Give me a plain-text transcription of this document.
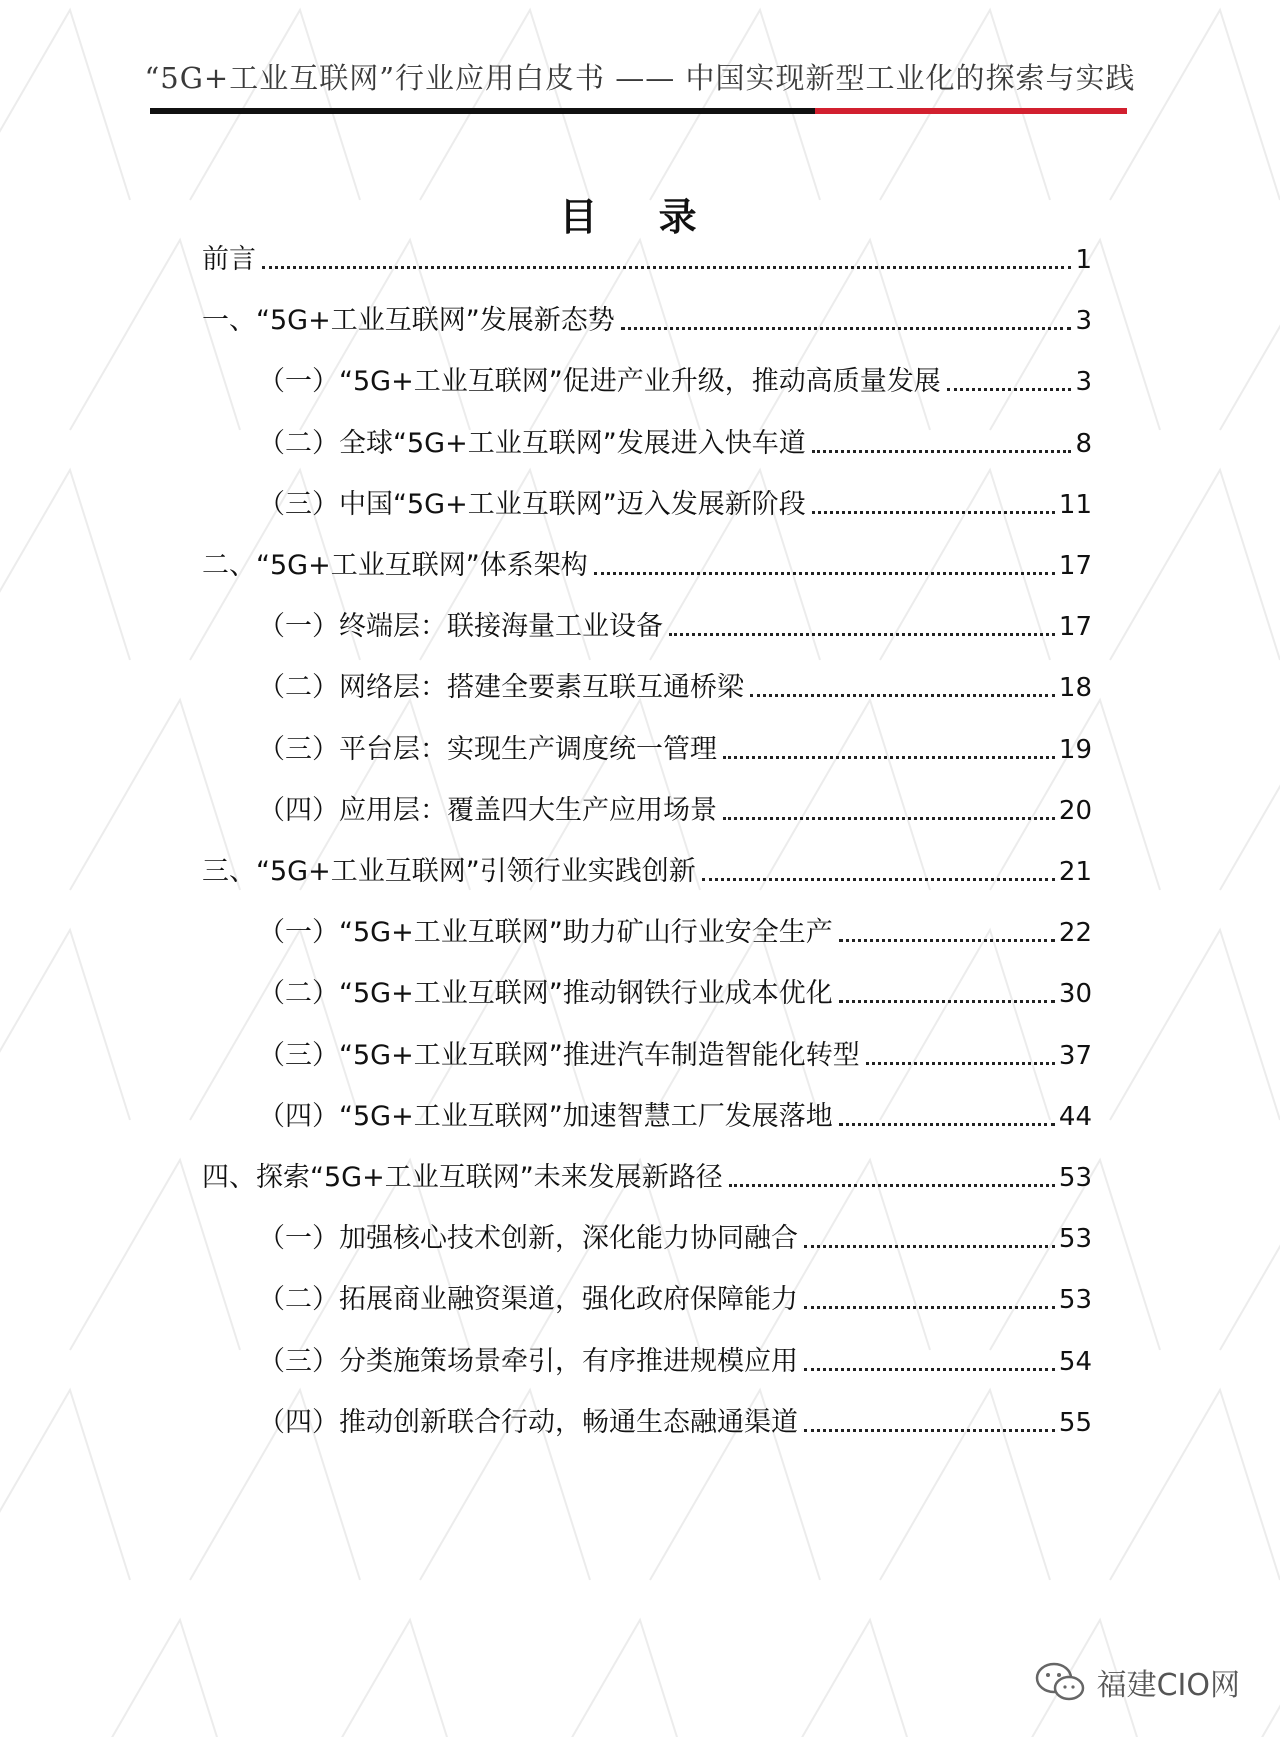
“5G+工业互联网”行业应用白皮书 —— 中国实现新型工业化的探索与实践
目 录
前言	1
一、“5G+工业互联网”发展新态势	3
（一）“5G+工业互联网”促进产业升级，推动高质量发展	3
（二）全球“5G+工业互联网”发展进入快车道	8
（三）中国“5G+工业互联网”迈入发展新阶段	11
二、“5G+工业互联网”体系架构	17
（一）终端层：联接海量工业设备	17
（二）网络层：搭建全要素互联互通桥梁	18
（三）平台层：实现生产调度统一管理	19
（四）应用层：覆盖四大生产应用场景	20
三、“5G+工业互联网”引领行业实践创新	21
（一）“5G+工业互联网”助力矿山行业安全生产	22
（二）“5G+工业互联网”推动钢铁行业成本优化	30
（三）“5G+工业互联网”推进汽车制造智能化转型	37
（四）“5G+工业互联网”加速智慧工厂发展落地	44
四、探索“5G+工业互联网”未来发展新路径	53
（一）加强核心技术创新，深化能力协同融合	53
（二）拓展商业融资渠道，强化政府保障能力	53
（三）分类施策场景牵引，有序推进规模应用	54
（四）推动创新联合行动，畅通生态融通渠道	55
福建CIO网
